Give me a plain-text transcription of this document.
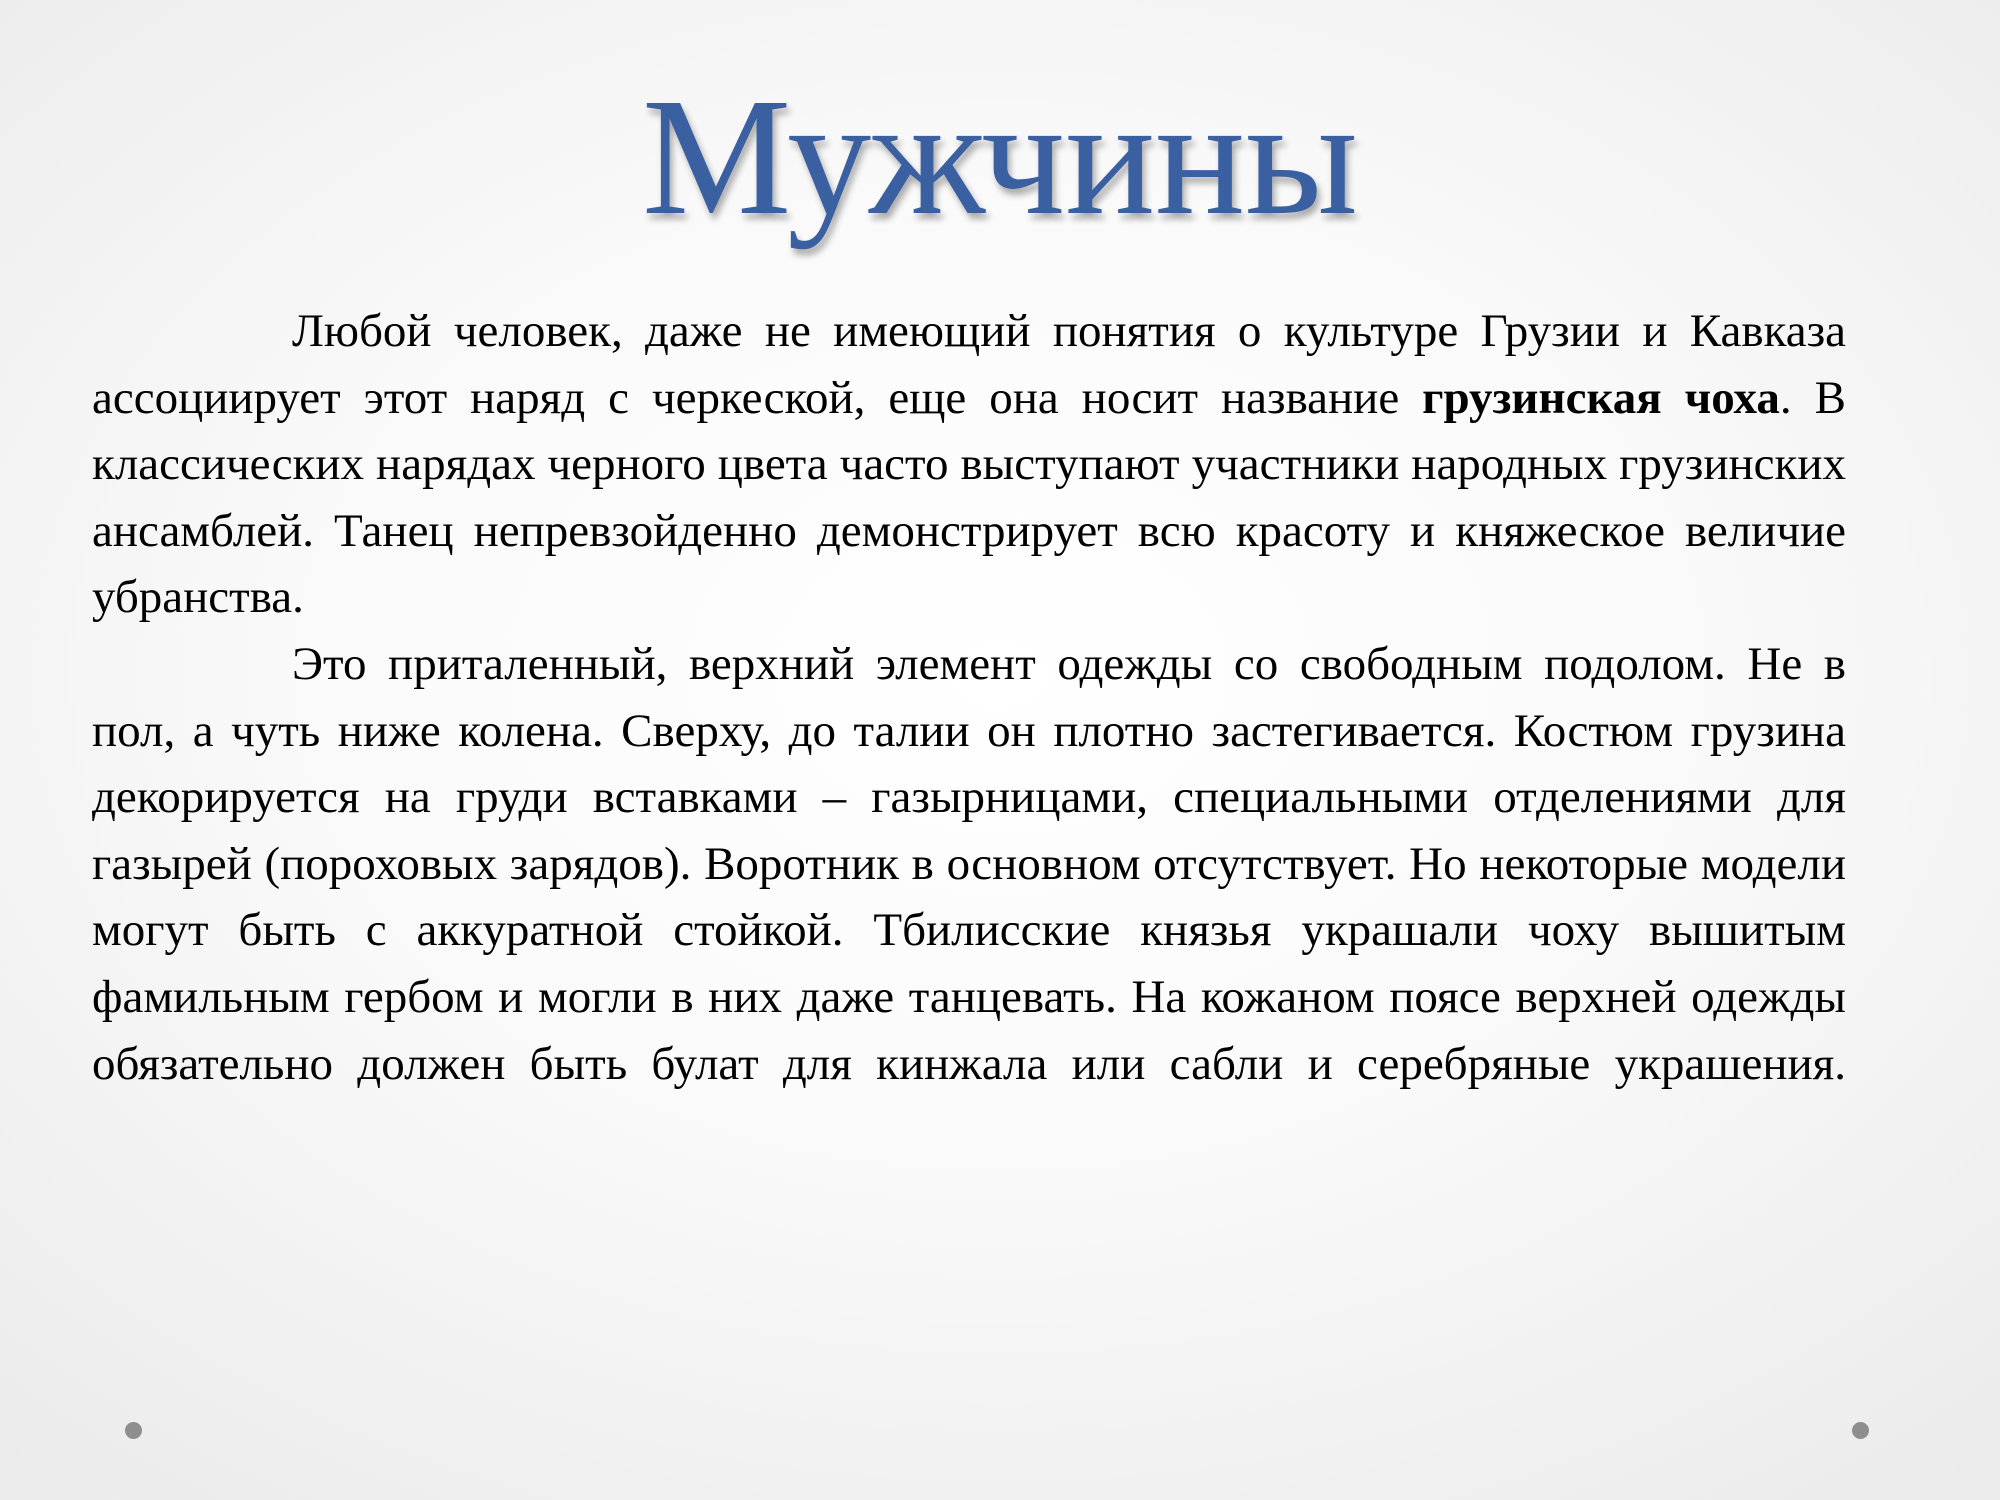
Мужчины
Любой человек, даже не имеющий понятия о культуре Грузии и Кавказа ассоциирует этот наряд с черкеской, еще она носит название грузинская чоха. В классических нарядах черного цвета часто выступают участники народных грузинских ансамблей. Танец непревзойденно демонстрирует всю красоту и княжеское величие убранства.
Это приталенный, верхний элемент одежды со свободным подолом. Не в пол, а чуть ниже колена. Сверху, до талии он плотно застегивается. Костюм грузина декорируется на груди вставками – газырницами, специальными отделениями для газырей (пороховых зарядов). Воротник в основном отсутствует. Но некоторые модели могут быть с аккуратной стойкой. Тбилисские князья украшали чоху вышитым фамильным гербом и могли в них даже танцевать. На кожаном поясе верхней одежды обязательно должен быть булат для кинжала или сабли и серебряные украшения.
